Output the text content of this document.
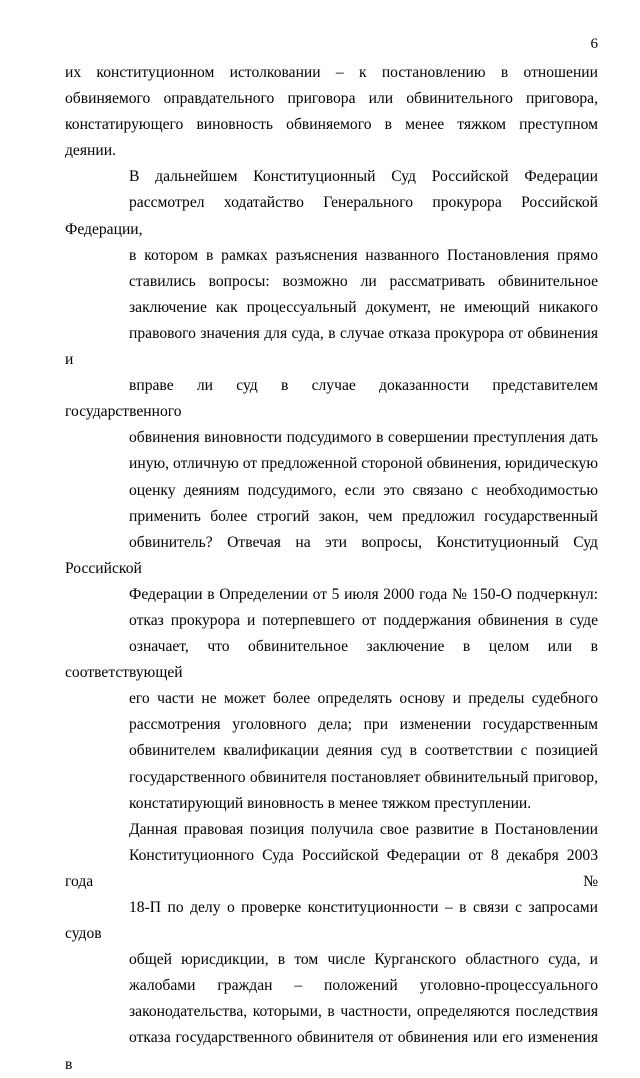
6

их конституционном истолковании – к постановлению в отношении
обвиняемого оправдательного приговора или обвинительного приговора,
констатирующего виновность обвиняемого в менее тяжком преступном
деянии.

В дальнейшем Конституционный Суд Российской Федерации
рассмотрел ходатайство Генерального прокурора Российской Федерации,
в котором в рамках разъяснения названного Постановления прямо
ставились вопросы: возможно ли рассматривать обвинительное
заключение как процессуальный документ, не имеющий никакого
правового значения для суда, в случае отказа прокурора от обвинения и
вправе ли суд в случае доказанности представителем государственного
обвинения виновности подсудимого в совершении преступления дать
иную, отличную от предложенной стороной обвинения, юридическую
оценку деяниям подсудимого, если это связано с необходимостью
применить более строгий закон, чем предложил государственный
обвинитель? Отвечая на эти вопросы, Конституционный Суд Российской
Федерации в Определении от 5 июля 2000 года № 150-О подчеркнул:
отказ прокурора и потерпевшего от поддержания обвинения в суде
означает, что обвинительное заключение в целом или в соответствующей
его части не может более определять основу и пределы судебного
рассмотрения уголовного дела; при изменении государственным
обвинителем квалификации деяния суд в соответствии с позицией
государственного обвинителя постановляет обвинительный приговор,
констатирующий виновность в менее тяжком преступлении.

Данная правовая позиция получила свое развитие в Постановлении
Конституционного Суда Российской Федерации от 8 декабря 2003 года №
18-П по делу о проверке конституционности – в связи с запросами судов
общей юрисдикции, в том числе Курганского областного суда, и
жалобами граждан – положений уголовно-процессуального
законодательства, которыми, в частности, определяются последствия
отказа государственного обвинителя от обвинения или его изменения в
